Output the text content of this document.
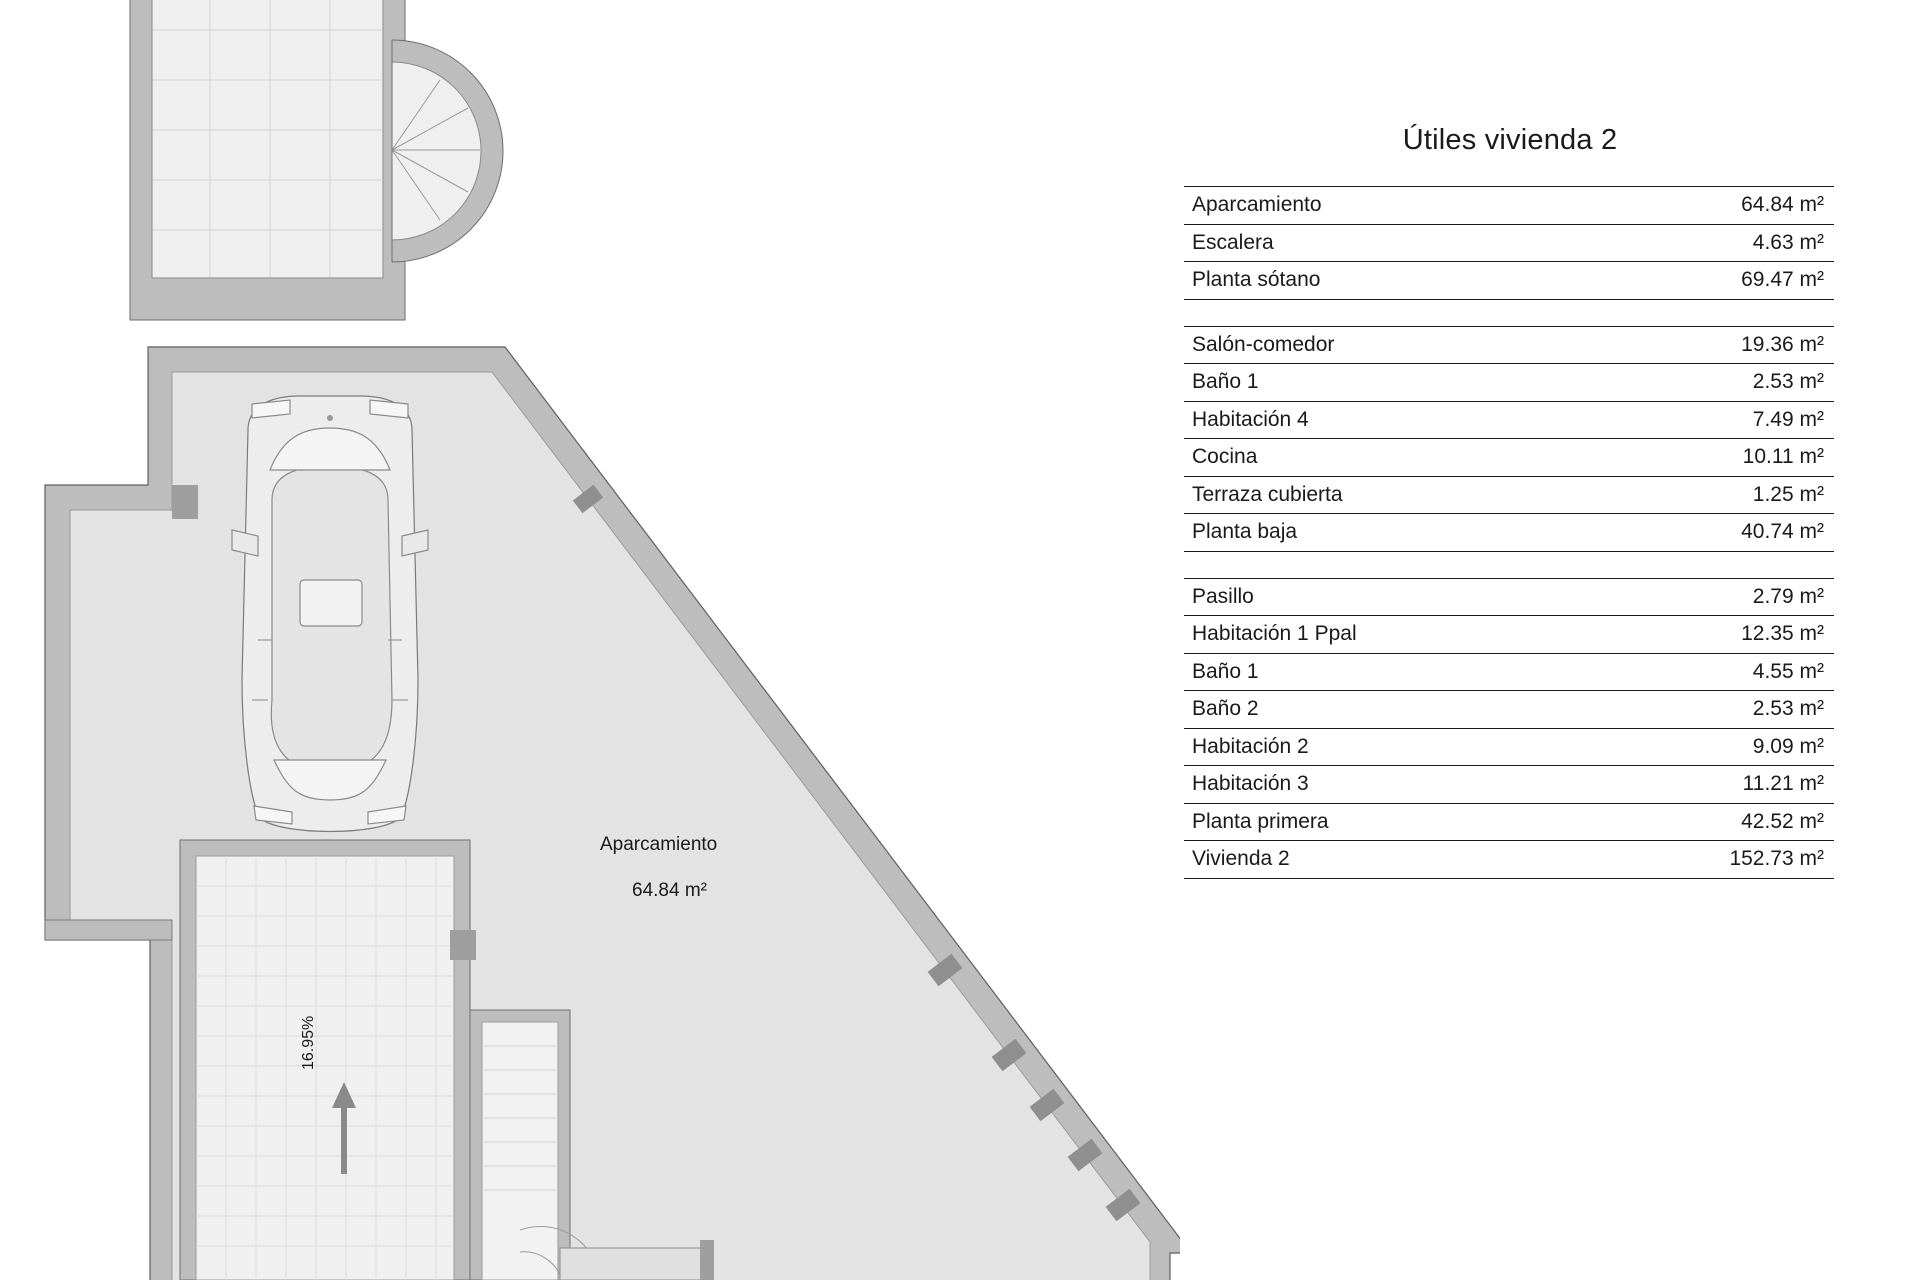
Aparcamiento
64.84 m²
16.95%
Útiles vivienda 2

Aparcamiento	64.84 m²
Escalera	4.63 m²
Planta sótano	69.47 m²

Salón-comedor	19.36 m²
Baño 1	2.53 m²
Habitación 4	7.49 m²
Cocina	10.11 m²
Terraza cubierta	1.25 m²
Planta baja	40.74 m²

Pasillo	2.79 m²
Habitación 1 Ppal	12.35 m²
Baño 1	4.55 m²
Baño 2	2.53 m²
Habitación 2	9.09 m²
Habitación 3	11.21 m²
Planta primera	42.52 m²
Vivienda 2	152.73 m²
